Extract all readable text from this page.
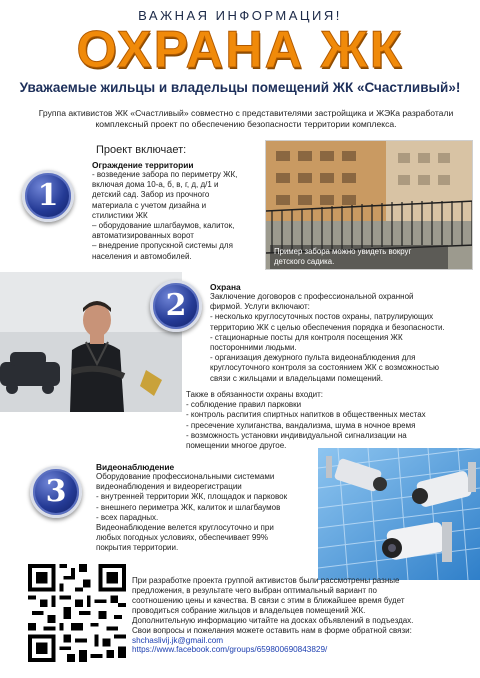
ВАЖНАЯ ИНФОРМАЦИЯ!
ОХРАНА ЖК
Уважаемые жильцы и владельцы помещений ЖК «Счастливый»!
Группа активистов ЖК «Счастливый» совместно с представителями застройщика и ЖЭКа разработали комплексный проект по обеспечению безопасности территории комплекса.
Проект включает:
1
Ограждение территории
- возведение забора по периметру ЖК,
включая дома 10-а, б, в, г, д, д/1 и
детский сад. Забор из прочного
материала с учетом дизайна и
стилистики ЖК
– оборудование шлагбаумов, калиток,
автоматизированных ворот
– внедрение пропускной системы для
населения и автомобилей.
Пример забора можно увидеть вокруг детского садика.
2
Охрана
Заключение договоров с профессиональной охранной
фирмой. Услуги включают:
- несколько круглосуточных постов охраны, патрулирующих
территорию ЖК с целью обеспечения порядка и безопасности.
- стационарные посты для контроля посещения ЖК
посторонними людьми.
- организация дежурного пульта видеонаблюдения для
круглосуточного контроля за состоянием ЖК с возможностью
связи с жильцами и владельцами помещений.
Также в обязанности охраны входит:
- соблюдение правил парковки
- контроль распития спиртных напитков в общественных местах
- пресечение хулиганства, вандализма, шума в ночное время
- возможность установки индивидуальной сигнализации на
помещении многое другое.
3
Видеонаблюдение
Оборудование профессиональными системами
видеонаблюдения и видеорегистрации
- внутренней территории ЖК, площадок и парковок
- внешнего периметра ЖК, калиток и шлагбаумов
- всех парадных.
Видеонаблюдение велется круглосуточно и при
любых погодных условиях, обеспечивает 99%
покрытия территории.
При разработке проекта группой активистов были рассмотрены разные
предложения, в результате чего выбран оптимальный вариант по
соотношению цены и качества. В связи с этим в ближайшее время будет
проводиться собрание жильцов и владельцев помещений ЖК.
Дополнительную информацию читайте на досках объявлений в подъездах.
Свои вопросы и пожелания можете оставить нам в форме обратной связи:
shchaslivij.jk@gmail.com
https://www.facebook.com/groups/659800690843829/
